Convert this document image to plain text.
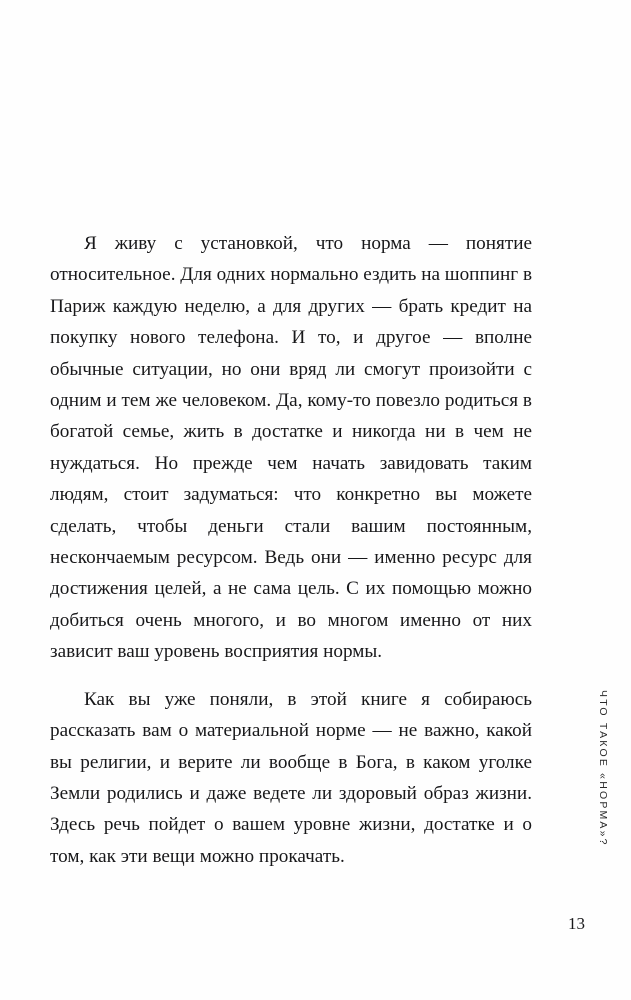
Я живу с установкой, что норма — понятие относительное. Для одних нормально ездить на шоппинг в Париж каждую неделю, а для других — брать кредит на покупку нового телефона. И то, и другое — вполне обычные ситуации, но они вряд ли смогут произойти с одним и тем же человеком. Да, кому-то повезло родиться в богатой семье, жить в достатке и никогда ни в чем не нуждаться. Но прежде чем начать завидовать таким людям, стоит задуматься: что конкретно вы можете сделать, чтобы деньги стали вашим постоянным, нескончаемым ресурсом. Ведь они — именно ресурс для достижения целей, а не сама цель. С их помощью можно добиться очень многого, и во многом именно от них зависит ваш уровень восприятия нормы.

Как вы уже поняли, в этой книге я собираюсь рассказать вам о материальной норме — не важно, какой вы религии, и верите ли вообще в Бога, в каком уголке Земли родились и даже ведете ли здоровый образ жизни. Здесь речь пойдет о вашем уровне жизни, достатке и о том, как эти вещи можно прокачать.

ЧТО ТАКОЕ «НОРМА»?
13
